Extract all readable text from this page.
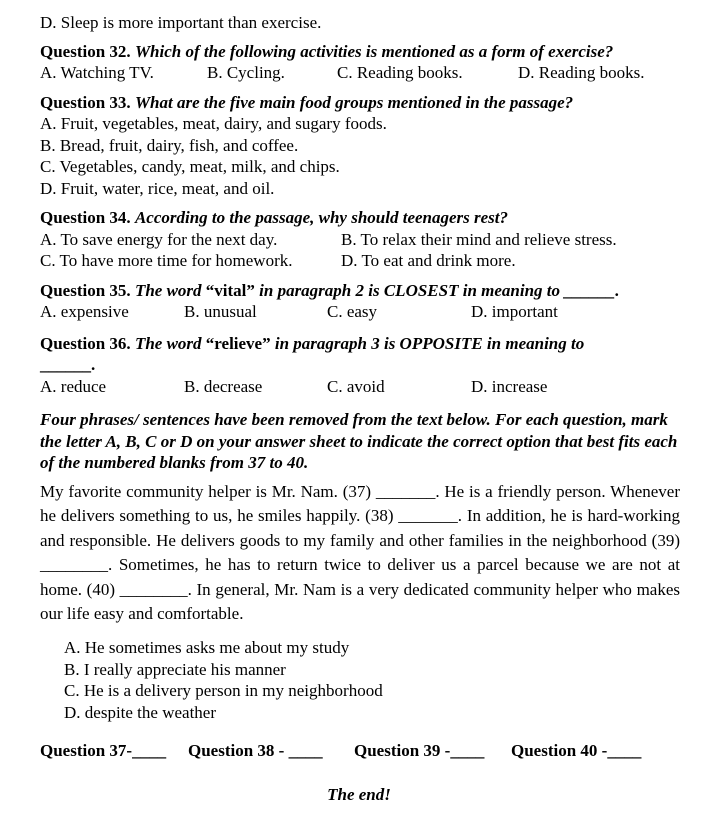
D. Sleep is more important than exercise.
Question 32. Which of the following activities is mentioned as a form of exercise?
A. Watching TV.	B. Cycling.	C. Reading books.	D. Reading books.
Question 33. What are the five main food groups mentioned in the passage?
A. Fruit, vegetables, meat, dairy, and sugary foods.
B. Bread, fruit, dairy, fish, and coffee.
C. Vegetables, candy, meat, milk, and chips.
D. Fruit, water, rice, meat, and oil.
Question 34. According to the passage, why should teenagers rest?
A. To save energy for the next day.	B. To relax their mind and relieve stress.
C. To have more time for homework.	D. To eat and drink more.
Question 35. The word “vital” in paragraph 2 is CLOSEST in meaning to ______.
A. expensive	B. unusual	C. easy	D. important
Question 36. The word “relieve” in paragraph 3 is OPPOSITE in meaning to
______.
A. reduce	B. decrease	C. avoid	D. increase
Four phrases/ sentences have been removed from the text below. For each question, mark the letter A, B, C or D on your answer sheet to indicate the correct option that best fits each of the numbered blanks from 37 to 40.
My favorite community helper is Mr. Nam. (37) _______. He is a friendly person. Whenever he delivers something to us, he smiles happily. (38) _______. In addition, he is hard-working and responsible. He delivers goods to my family and other families in the neighborhood (39) ________. Sometimes, he has to return twice to deliver us a parcel because we are not at home. (40) ________. In general, Mr. Nam is a very dedicated community helper who makes our life easy and comfortable.
A. He sometimes asks me about my study
B. I really appreciate his manner
C. He is a delivery person in my neighborhood
D. despite the weather
Question 37-____	Question 38 - ____	Question 39 -____	Question 40 -____
The end!
